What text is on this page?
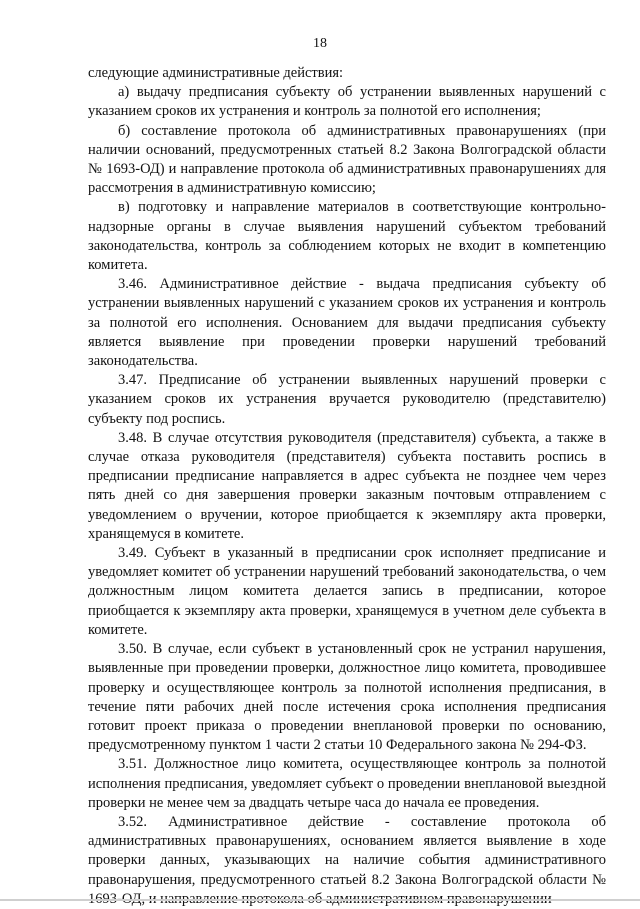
18

следующие административные действия:

а) выдачу предписания субъекту об устранении выявленных нарушений с указанием сроков их устранения и контроль за полнотой его исполнения;

б) составление протокола об административных правонарушениях (при наличии оснований, предусмотренных статьей 8.2 Закона Волгоградской области № 1693-ОД) и направление протокола об административных правонарушениях для рассмотрения в административную комиссию;

в) подготовку и направление материалов в соответствующие контрольно-надзорные органы в случае выявления нарушений субъектом требований законодательства, контроль за соблюдением которых не входит в компетенцию комитета.

3.46. Административное действие - выдача предписания субъекту об устранении выявленных нарушений с указанием сроков их устранения и контроль за полнотой его исполнения. Основанием для выдачи предписания субъекту является выявление при проведении проверки нарушений требований законодательства.

3.47. Предписание об устранении выявленных нарушений проверки с указанием сроков их устранения вручается руководителю (представителю) субъекту под роспись.

3.48. В случае отсутствия руководителя (представителя) субъекта, а также в случае отказа руководителя (представителя) субъекта поставить роспись в предписании предписание направляется в адрес субъекта не позднее чем через пять дней со дня завершения проверки заказным почтовым отправлением с уведомлением о вручении, которое приобщается к экземпляру акта проверки, хранящемуся в комитете.

3.49. Субъект в указанный в предписании срок исполняет предписание и уведомляет комитет об устранении нарушений требований законодательства, о чем должностным лицом комитета делается запись в предписании, которое приобщается к экземпляру акта проверки, хранящемуся в учетном деле субъекта в комитете.

3.50. В случае, если субъект в установленный срок не устранил нарушения, выявленные при проведении проверки, должностное лицо комитета, проводившее проверку и осуществляющее контроль за полнотой исполнения предписания, в течение пяти рабочих дней после истечения срока исполнения предписания готовит проект приказа о проведении внеплановой проверки по основанию, предусмотренному пунктом 1 части 2 статьи 10 Федерального закона № 294-ФЗ.

3.51. Должностное лицо комитета, осуществляющее контроль за полнотой исполнения предписания, уведомляет субъект о проведении внеплановой выездной проверки не менее чем за двадцать четыре часа до начала ее проведения.

3.52. Административное действие - составление протокола об административных правонарушениях, основанием является выявление в ходе проверки данных, указывающих на наличие события административного правонарушения, предусмотренного статьей 8.2 Закона Волгоградской области №
